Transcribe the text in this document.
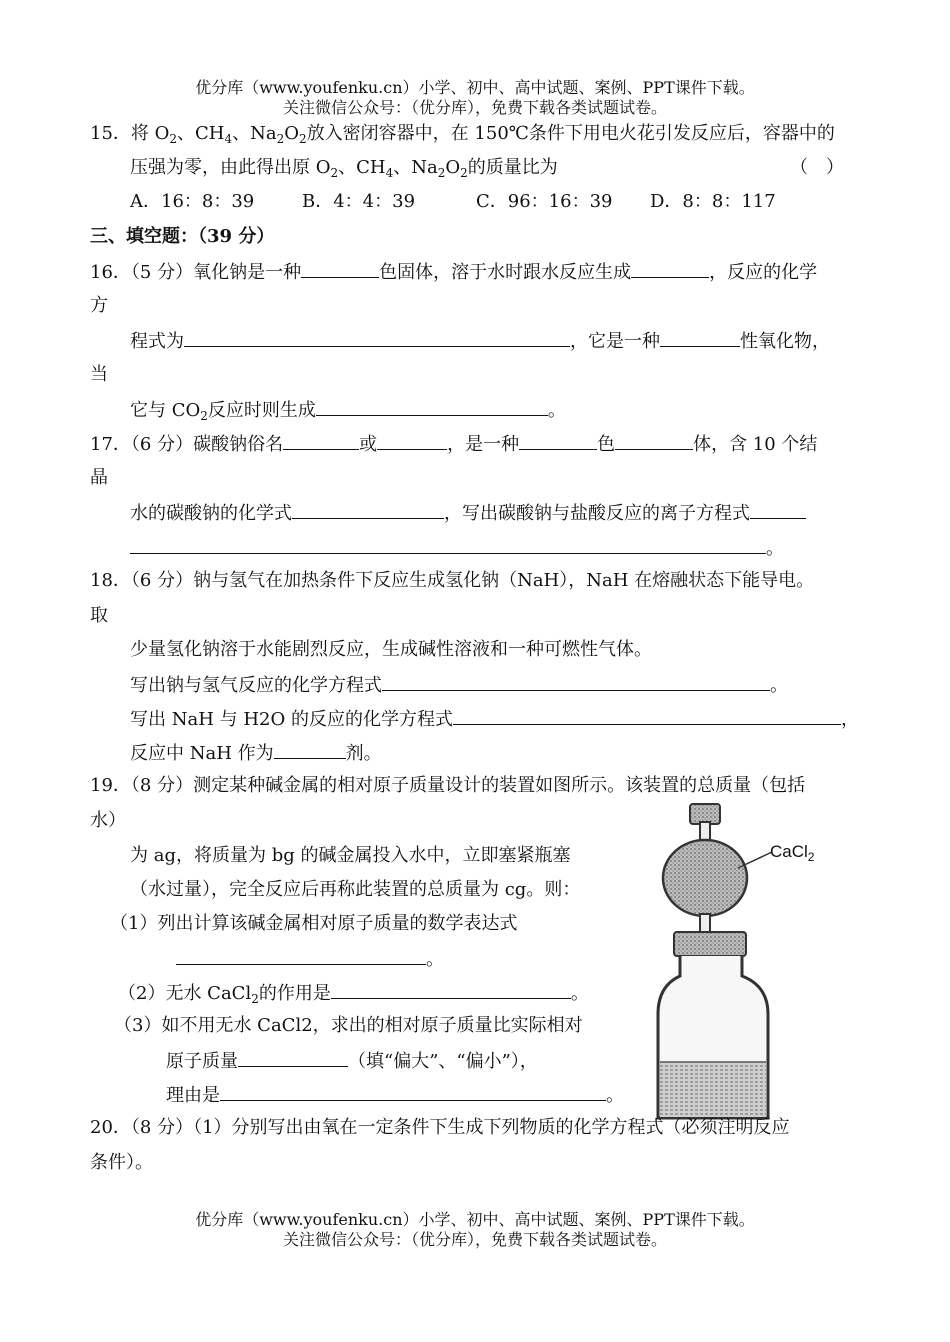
优分库（www.youfenku.cn）小学、初中、高中试题、案例、PPT课件下载。
关注微信公众号：（优分库），免费下载各类试题试卷。
15．将 $O_2$、$CH_4$、$Na_2O_2$放入密闭容器中，在 150℃条件下用电火花引发反应后，容器中的
压强为零，由此得出原 $O_2$、$CH_4$、$Na_2O_2$的质量比为	（　）
A．16：8：39	B．4：4：39	C．96：16：39 D．8：8：117
三、填空题：（39 分）
16．（5 分）氧化钠是一种	色固体，溶于水时跟水反应生成	，反应的化学
方
程式为	，它是一种	性氧化物，
当
它与 $CO_2$反应时则生成	。
17．（6 分）碳酸钠俗名	或	，是一种	色	体，含 10 个结
晶
水的碳酸钠的化学式	，写出碳酸钠与盐酸反应的离子方程式
。
18．（6 分）钠与氢气在加热条件下反应生成氢化钠（NaH），NaH 在熔融状态下能导电。
取
少量氢化钠溶于水能剧烈反应，生成碱性溶液和一种可燃性气体。
写出钠与氢气反应的化学方程式	。
写出 NaH 与 H2O 的反应的化学方程式	，
反应中 NaH 作为	剂。
19．（8 分）测定某种碱金属的相对原子质量设计的装置如图所示。该装置的总质量（包括
水）
为 ag，将质量为 bg 的碱金属投入水中，立即塞紧瓶塞
（水过量），完全反应后再称此装置的总质量为 cg。则：
（1）列出计算该碱金属相对原子质量的数学表达式
。
（2）无水 CaCl$_2$的作用是	。
（3）如不用无水 CaCl2，求出的相对原子质量比实际相对
原子质量	（填“偏大”、“偏小”），
理由是	。
CaCl$_2$
20．（8 分）（1）分别写出由氧在一定条件下生成下列物质的化学方程式（必须注明反应
条件）。
优分库（www.youfenku.cn）小学、初中、高中试题、案例、PPT课件下载。
关注微信公众号：（优分库），免费下载各类试题试卷。
